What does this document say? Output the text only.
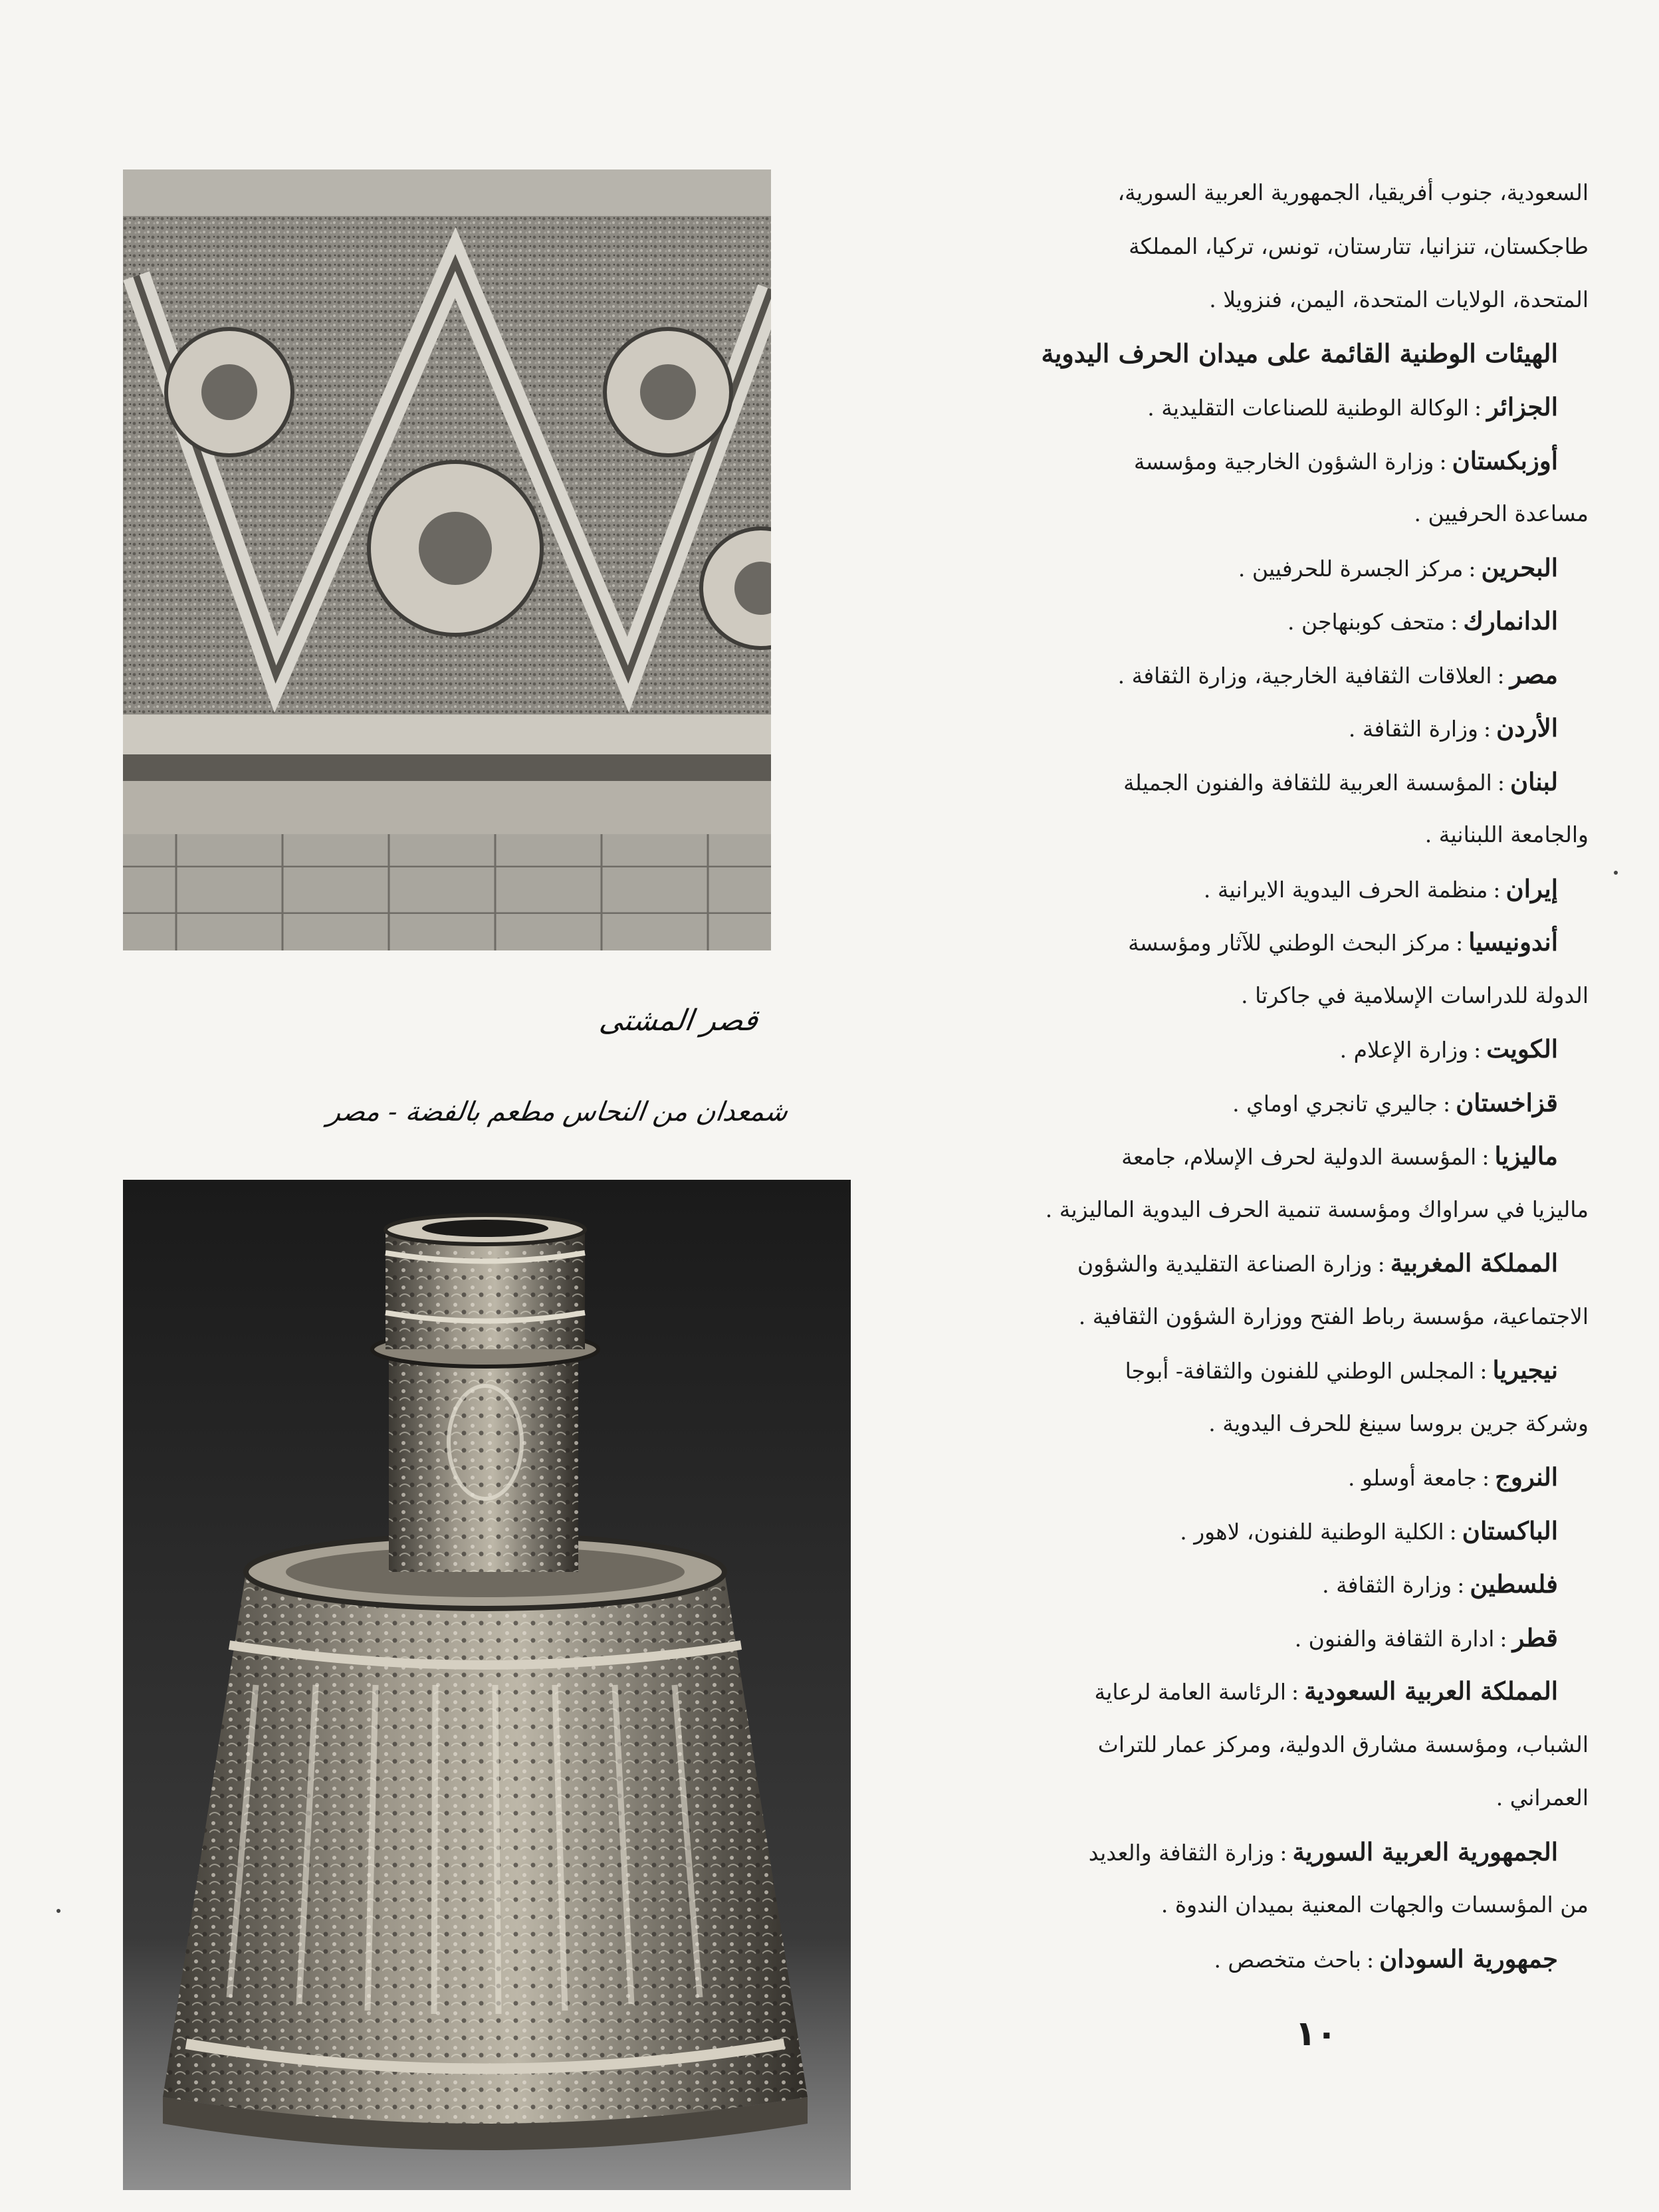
قصر المشتى
شمعدان من النحاس مطعم بالفضة - مصر
السعودية، جنوب أفريقيا، الجمهورية العربية السورية،
طاجكستان، تنزانيا، تتارستان، تونس، تركيا، المملكة
المتحدة، الولايات المتحدة، اليمن، فنزويلا .
الهيئات الوطنية القائمة على ميدان الحرف اليدوية
الجزائر:الوكالة الوطنية للصناعات التقليدية .
أوزبكستان:وزارة الشؤون الخارجية ومؤسسة
مساعدة الحرفيين .
البحرين:مركز الجسرة للحرفيين .
الدانمارك:متحف كوبنهاجن .
مصر:العلاقات الثقافية الخارجية، وزارة الثقافة .
الأردن:وزارة الثقافة .
لبنان:المؤسسة العربية للثقافة والفنون الجميلة
والجامعة اللبنانية .
إيران:منظمة الحرف اليدوية الايرانية .
أندونيسيا:مركز البحث الوطني للآثار ومؤسسة
الدولة للدراسات الإسلامية في جاكرتا .
الكويت:وزارة الإعلام .
قزاخستان:جاليري تانجري اوماي .
ماليزيا:المؤسسة الدولية لحرف الإسلام، جامعة
ماليزيا في سراواك ومؤسسة تنمية الحرف اليدوية الماليزية .
المملكة المغربية:وزارة الصناعة التقليدية والشؤون
الاجتماعية، مؤسسة رباط الفتح ووزارة الشؤون الثقافية .
نيجيريا:المجلس الوطني للفنون والثقافة- أبوجا
وشركة جرين بروسا سينغ للحرف اليدوية .
النروج:جامعة أوسلو .
الباكستان:الكلية الوطنية للفنون، لاهور .
فلسطين:وزارة الثقافة .
قطر:ادارة الثقافة والفنون .
المملكة العربية السعودية:الرئاسة العامة لرعاية
الشباب، ومؤسسة مشارق الدولية، ومركز عمار للتراث
العمراني .
الجمهورية العربية السورية:وزارة الثقافة والعديد
من المؤسسات والجهات المعنية بميدان الندوة .
جمهورية السودان:باحث متخصص .
١٠
